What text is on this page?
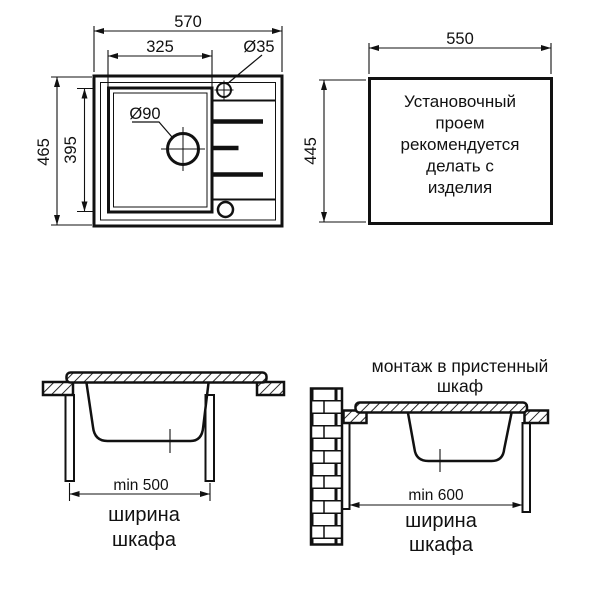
570
325
465 395
Ø35
Ø90
550
445
Установочный
проем
рекомендуется
делать с
изделия
min 500
ширина
шкафа
монтаж в пристенный
шкаф
min 600
ширина
шкафа
